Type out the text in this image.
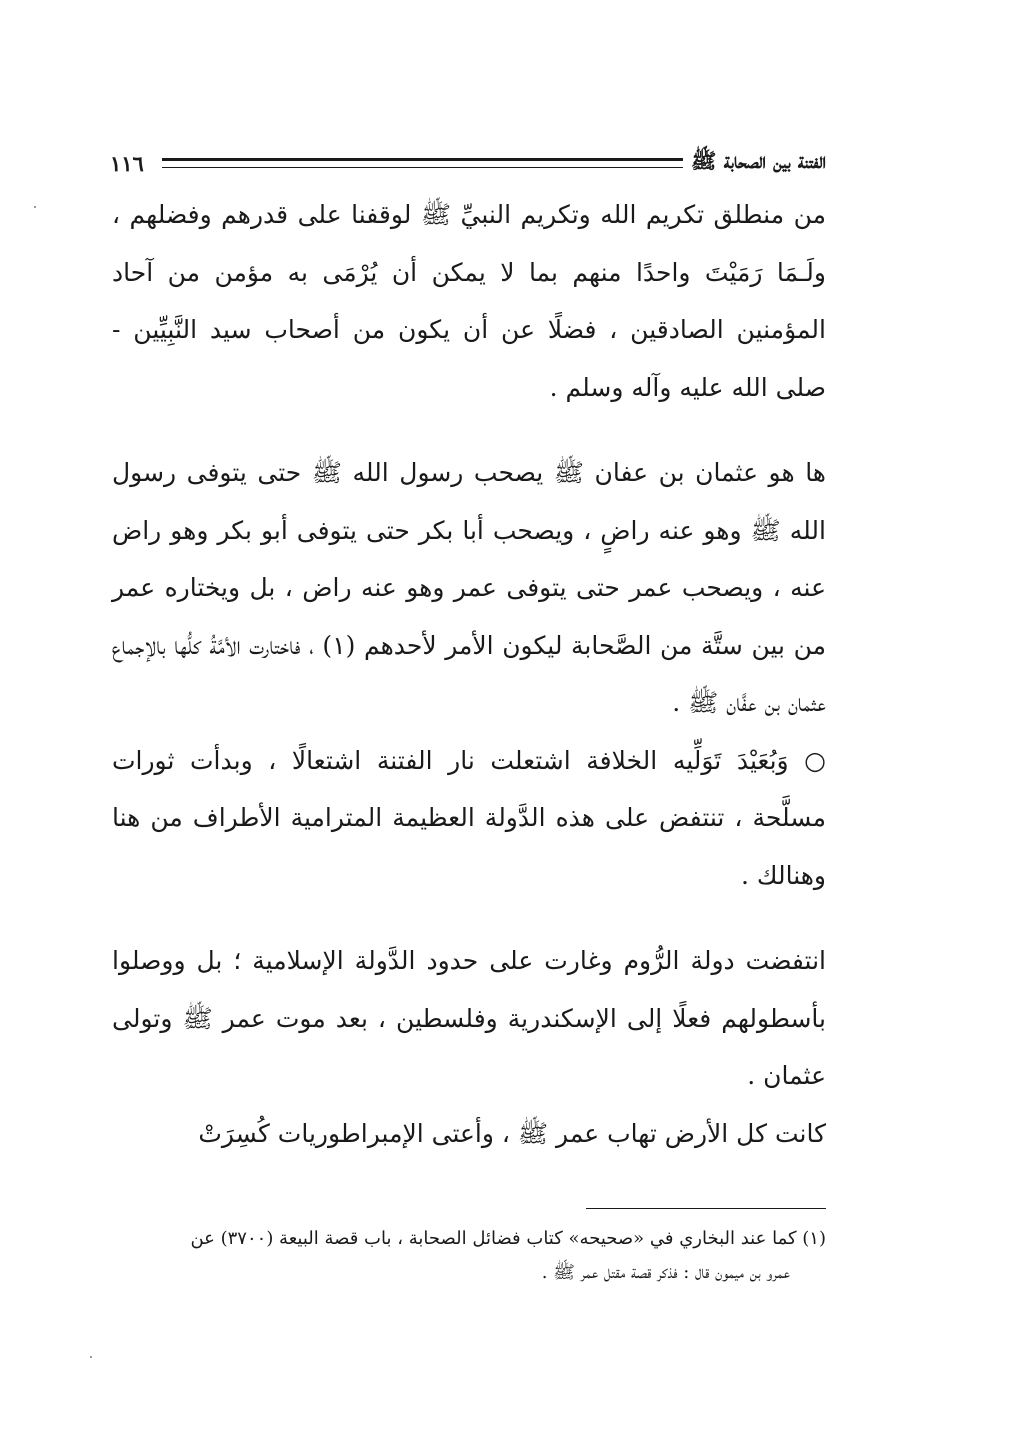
١١٦	الفتنة بين الصحابة ﷺ

من منطلق تكريم الله وتكريم النبيِّ ﷺ لوقفنا على قدرهم وفضلهم ، ولَـمَا رَمَيْتَ واحدًا منهم بما لا يمكن أن يُرْمَى به مؤمن من آحاد المؤمنين الصادقين ، فضلًا عن أن يكون من أصحاب سيد النَّبِيِّين - صلى الله عليه وآله وسلم .

ها هو عثمان بن عفان ﷺ يصحب رسول الله ﷺ حتى يتوفى رسول الله ﷺ وهو عنه راضٍ ، ويصحب أبا بكر حتى يتوفى أبو بكر وهو راض عنه ، ويصحب عمر حتى يتوفى عمر وهو عنه راض ، بل ويختاره عمر من بين ستَّة من الصَّحابة ليكون الأمر لأحدهم (١) ، فاختارت الأمَّةُ كلُّها بالإجماع عثمان بن عفَّان ﷺ .

○ وَبُعَيْدَ تَوَلِّيه الخلافة اشتعلت نار الفتنة اشتعالًا ، وبدأت ثورات مسلَّحة ، تنتفض على هذه الدَّولة العظيمة المترامية الأطراف من هنا وهنالك .

انتفضت دولة الرُّوم وغارت على حدود الدَّولة الإسلامية ؛ بل ووصلوا بأسطولهم فعلًا إلى الإسكندرية وفلسطين ، بعد موت عمر ﷺ وتولى عثمان .

كانت كل الأرض تهاب عمر ﷺ ، وأعتى الإمبراطوريات كُسِرَتْ

(١) كما عند البخاري في «صحيحه» كتاب فضائل الصحابة ، باب قصة البيعة (٣٧٠٠) عن

عمرو بن ميمون قال : فذكر قصة مقتل عمر ﷺ .
